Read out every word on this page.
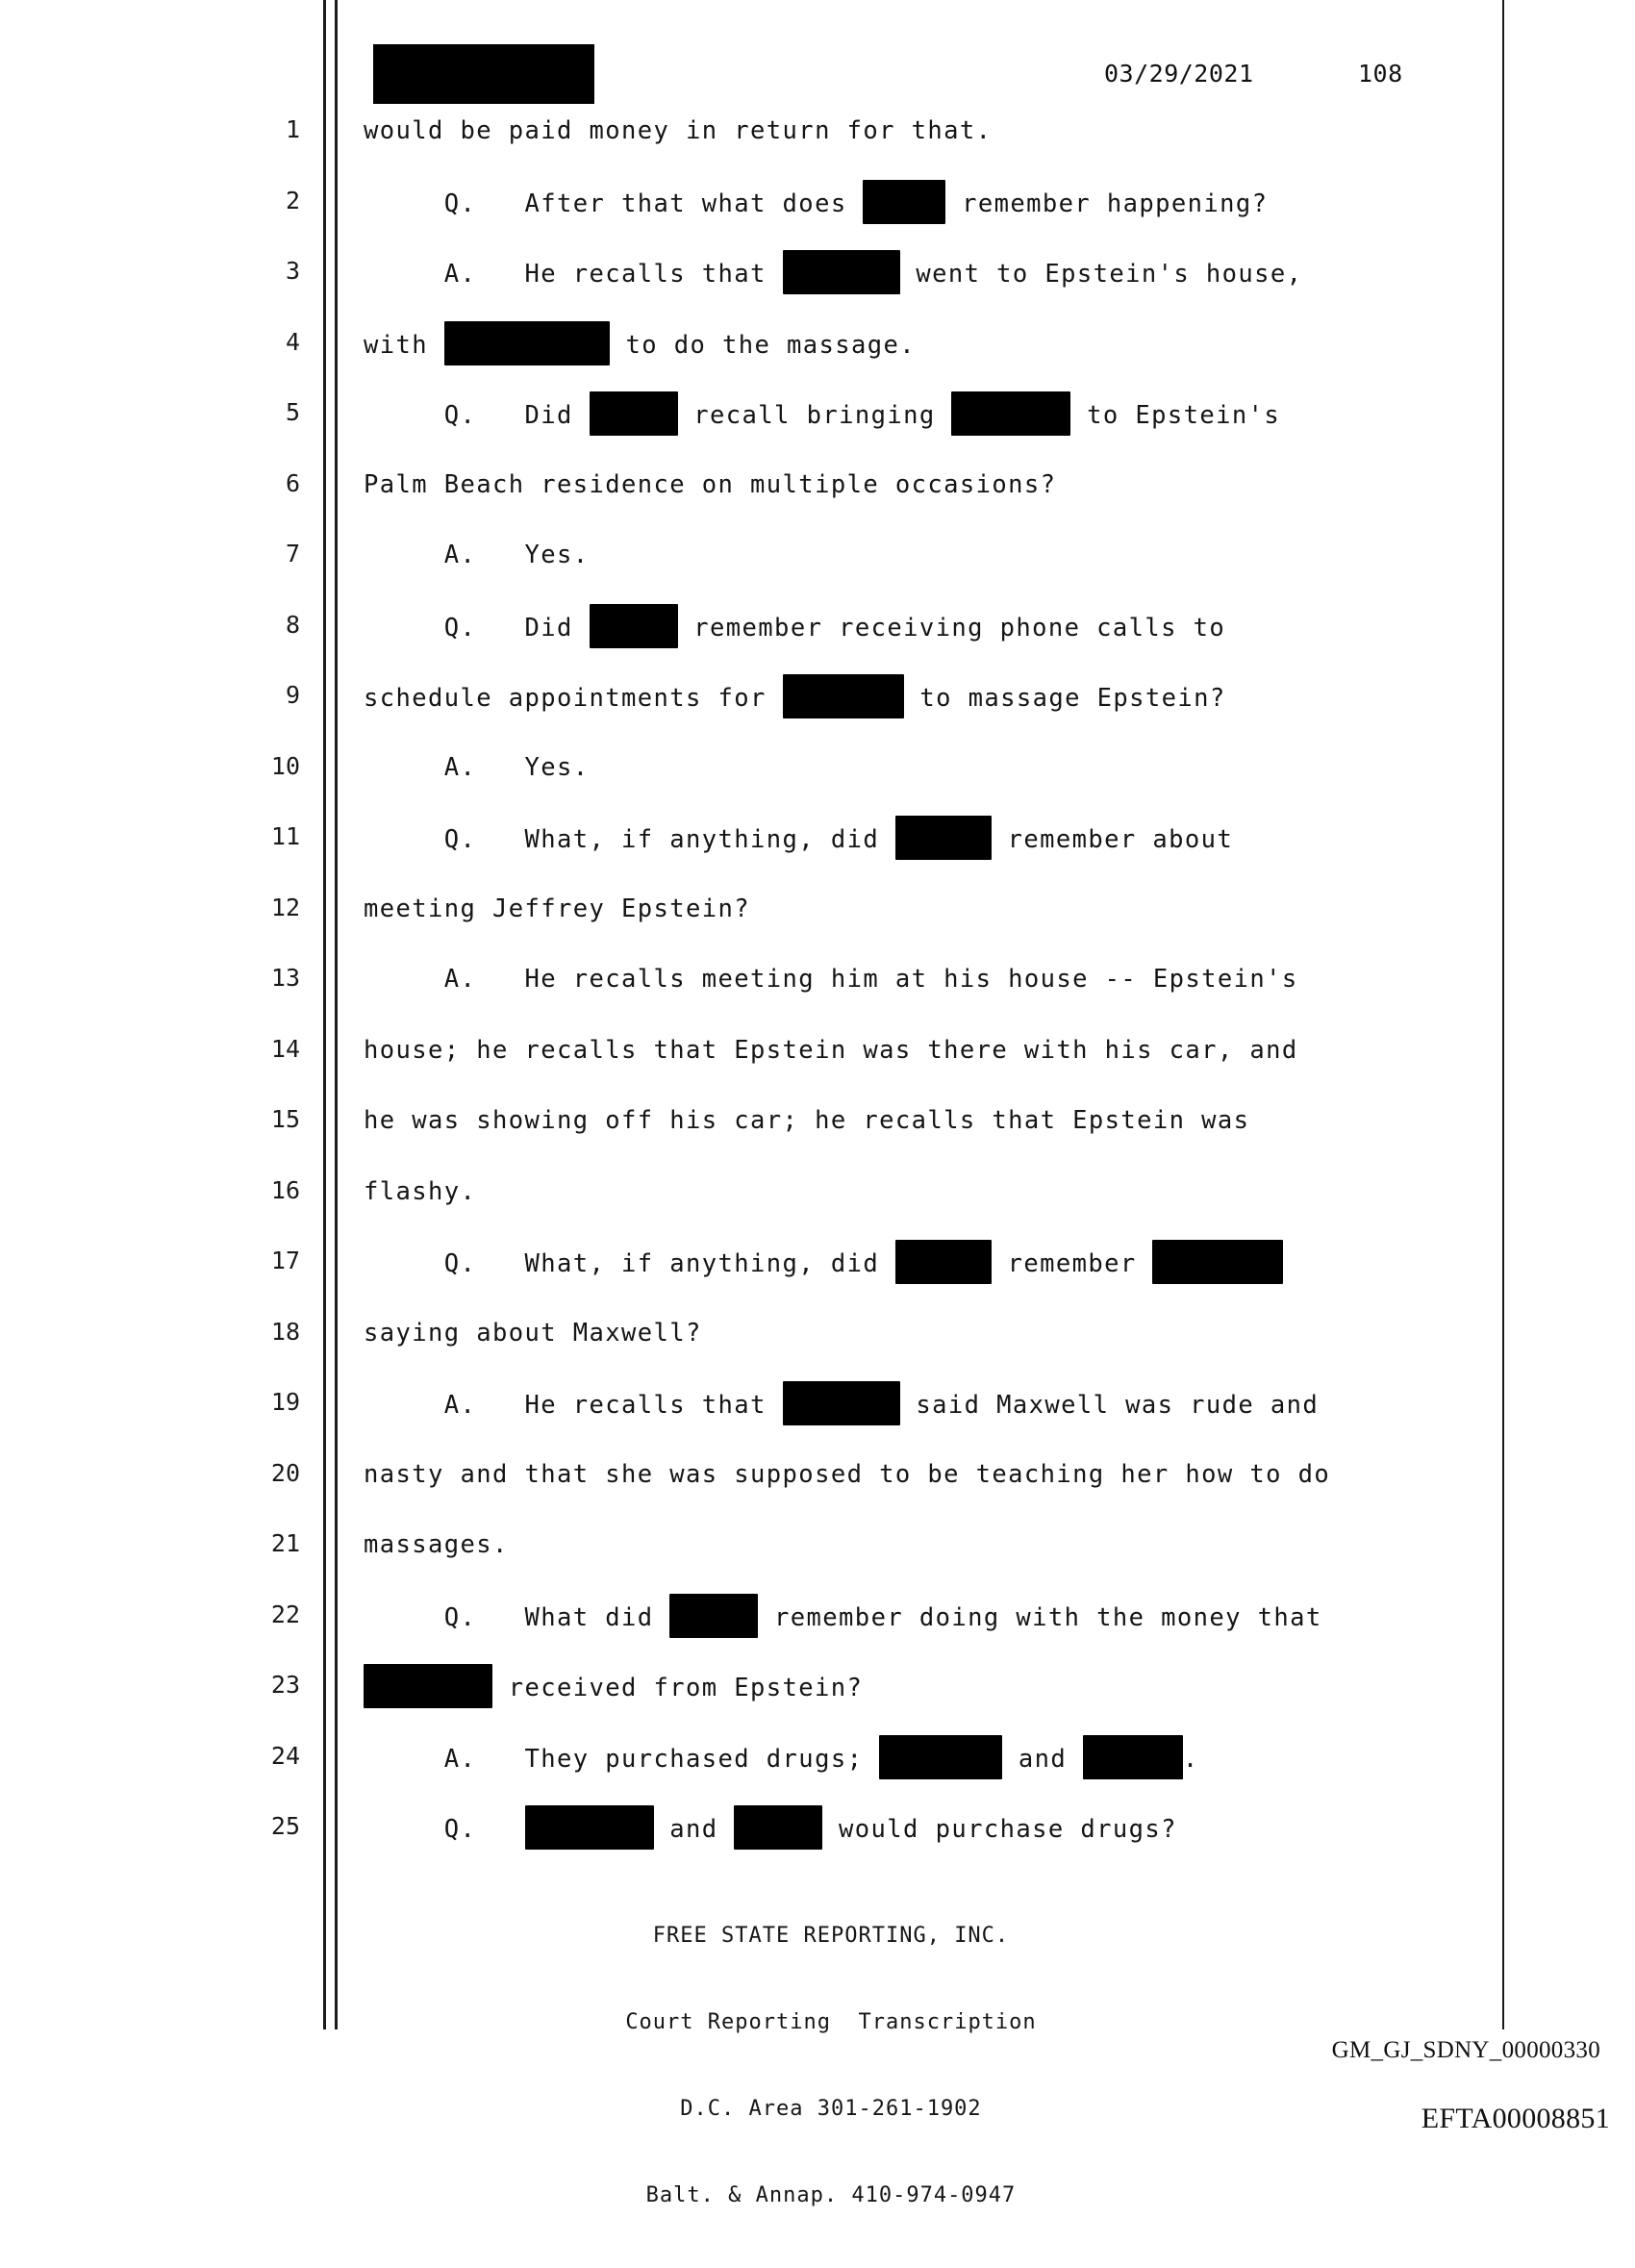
03/29/2021	108
1	would be paid money in return for that.
2	Q.   After that what does	remember happening?
3	A.   He recalls that	went to Epstein's house,
4	with	to do the massage.
5	Q.   Did	recall bringing	to Epstein's
6	Palm Beach residence on multiple occasions?
7	A.   Yes.
8	Q.   Did	remember receiving phone calls to
9	schedule appointments for	to massage Epstein?
10	A.   Yes.
11	Q.   What, if anything, did	remember about
12	meeting Jeffrey Epstein?
13	A.   He recalls meeting him at his house -- Epstein's
14	house; he recalls that Epstein was there with his car, and
15	he was showing off his car; he recalls that Epstein was
16	flashy.
17	Q.   What, if anything, did	remember
18	saying about Maxwell?
19	A.   He recalls that	said Maxwell was rude and
20	nasty and that she was supposed to be teaching her how to do
21	massages.
22	Q.   What did	remember doing with the money that
23	received from Epstein?
24	A.   They purchased drugs;	and	.
25	Q.	and	would purchase drugs?

FREE STATE REPORTING, INC.

Court Reporting  Transcription

D.C. Area 301-261-1902

Balt. & Annap. 410-974-0947

GM_GJ_SDNY_00000330
EFTA00008851
